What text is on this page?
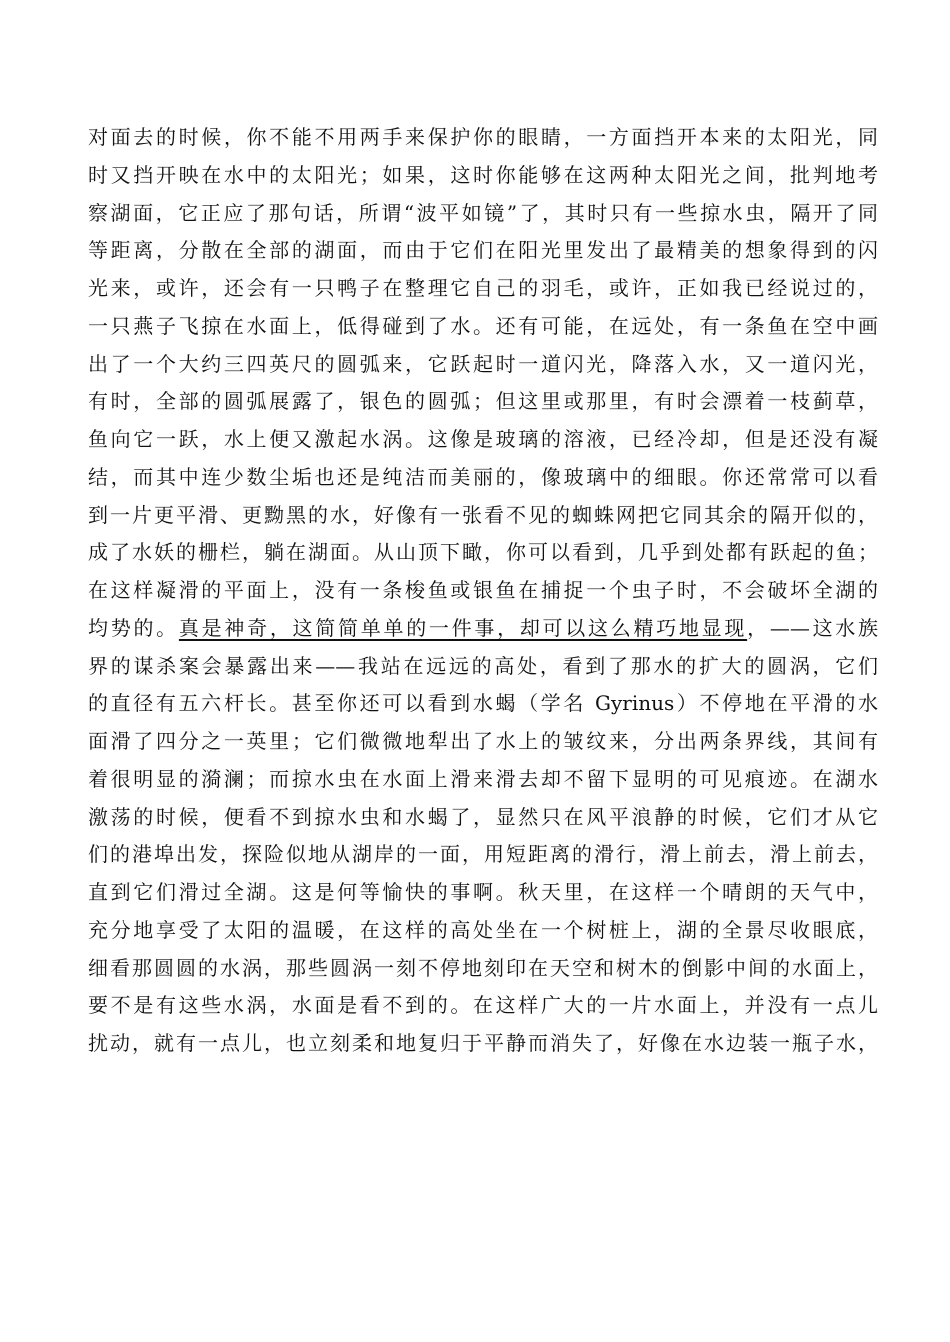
对面去的时候，你不能不用两手来保护你的眼睛，一方面挡开本来的太阳光，同
时又挡开映在水中的太阳光；如果，这时你能够在这两种太阳光之间，批判地考
察湖面，它正应了那句话，所谓“波平如镜”了，其时只有一些掠水虫，隔开了同
等距离，分散在全部的湖面，而由于它们在阳光里发出了最精美的想象得到的闪
光来，或许，还会有一只鸭子在整理它自己的羽毛，或许，正如我已经说过的，
一只燕子飞掠在水面上，低得碰到了水。还有可能，在远处，有一条鱼在空中画
出了一个大约三四英尺的圆弧来，它跃起时一道闪光，降落入水，又一道闪光，
有时，全部的圆弧展露了，银色的圆弧；但这里或那里，有时会漂着一枝蓟草，
鱼向它一跃，水上便又激起水涡。这像是玻璃的溶液，已经冷却，但是还没有凝
结，而其中连少数尘垢也还是纯洁而美丽的，像玻璃中的细眼。你还常常可以看
到一片更平滑、更黝黑的水，好像有一张看不见的蜘蛛网把它同其余的隔开似的，
成了水妖的栅栏，躺在湖面。从山顶下瞰，你可以看到，几乎到处都有跃起的鱼；
在这样凝滑的平面上，没有一条梭鱼或银鱼在捕捉一个虫子时，不会破坏全湖的
均势的。真是神奇，这简简单单的一件事，却可以这么精巧地显现，——这水族
界的谋杀案会暴露出来——我站在远远的高处，看到了那水的扩大的圆涡，它们
的直径有五六杆长。甚至你还可以看到水蝎（学名 Gyrinus）不停地在平滑的水
面滑了四分之一英里；它们微微地犁出了水上的皱纹来，分出两条界线，其间有
着很明显的漪澜；而掠水虫在水面上滑来滑去却不留下显明的可见痕迹。在湖水
激荡的时候，便看不到掠水虫和水蝎了，显然只在风平浪静的时候，它们才从它
们的港埠出发，探险似地从湖岸的一面，用短距离的滑行，滑上前去，滑上前去，
直到它们滑过全湖。这是何等愉快的事啊。秋天里，在这样一个晴朗的天气中，
充分地享受了太阳的温暖，在这样的高处坐在一个树桩上，湖的全景尽收眼底，
细看那圆圆的水涡，那些圆涡一刻不停地刻印在天空和树木的倒影中间的水面上，
要不是有这些水涡，水面是看不到的。在这样广大的一片水面上，并没有一点儿
扰动，就有一点儿，也立刻柔和地复归于平静而消失了，好像在水边装一瓶子水，
